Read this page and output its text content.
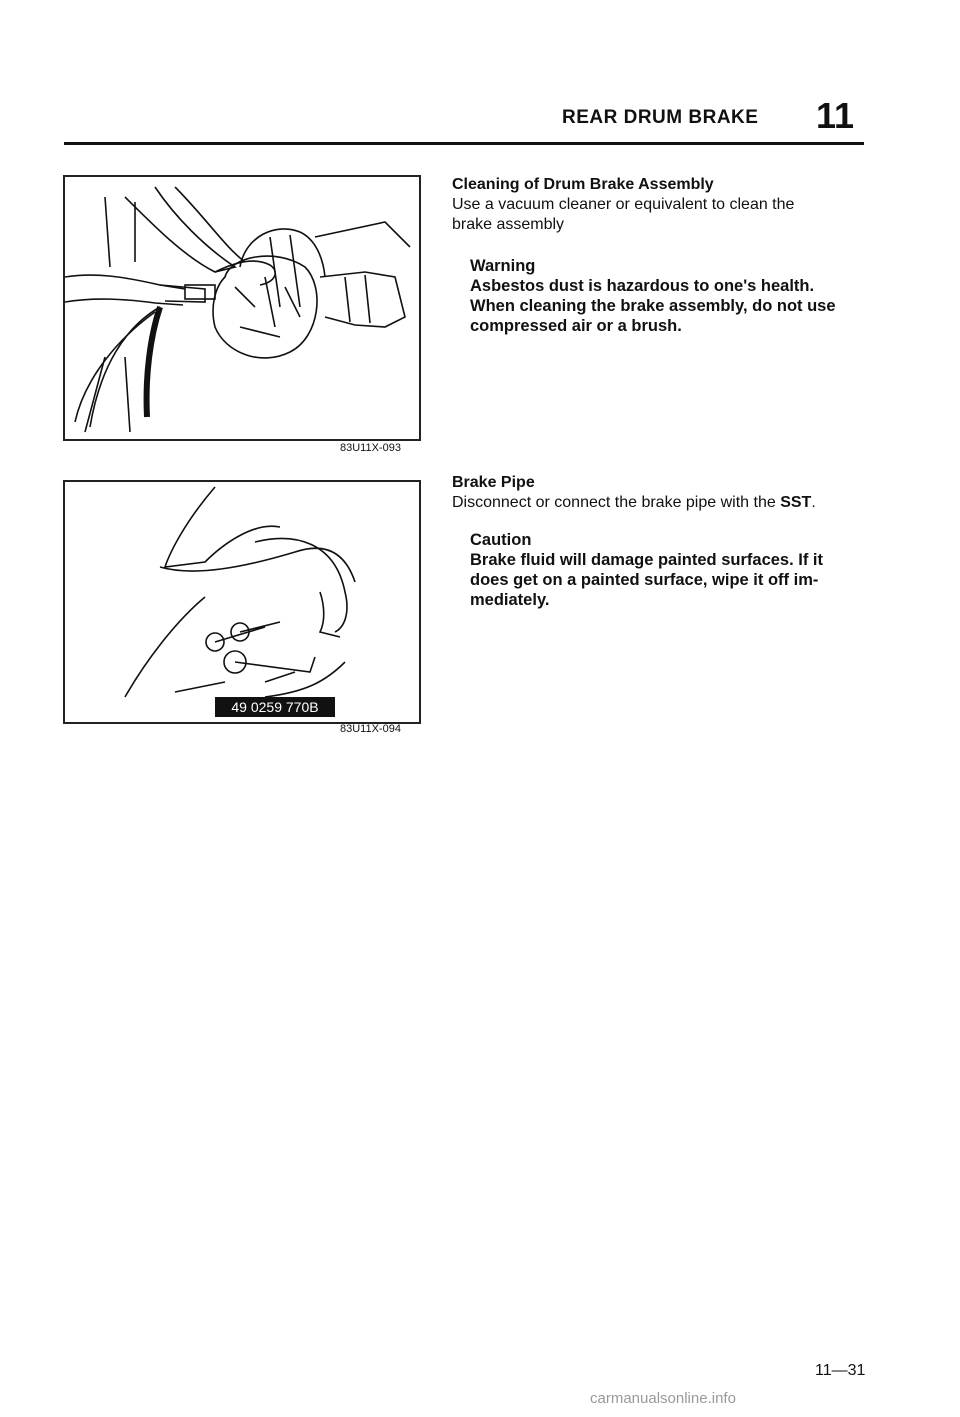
REAR DRUM BRAKE 11
83U11X-093
49 0259 770B
83U11X-094
Cleaning of Drum Brake Assembly
Use a vacuum cleaner or equivalent to clean the
brake assembly
Warning
Asbestos dust is hazardous to one's health.
When cleaning the brake assembly, do not use
compressed air or a brush.
Brake Pipe
Disconnect or connect the brake pipe with the SST.
Caution
Brake fluid will damage painted surfaces. If it
does get on a painted surface, wipe it off im-
mediately.
11—31
carmanualsonline.info
